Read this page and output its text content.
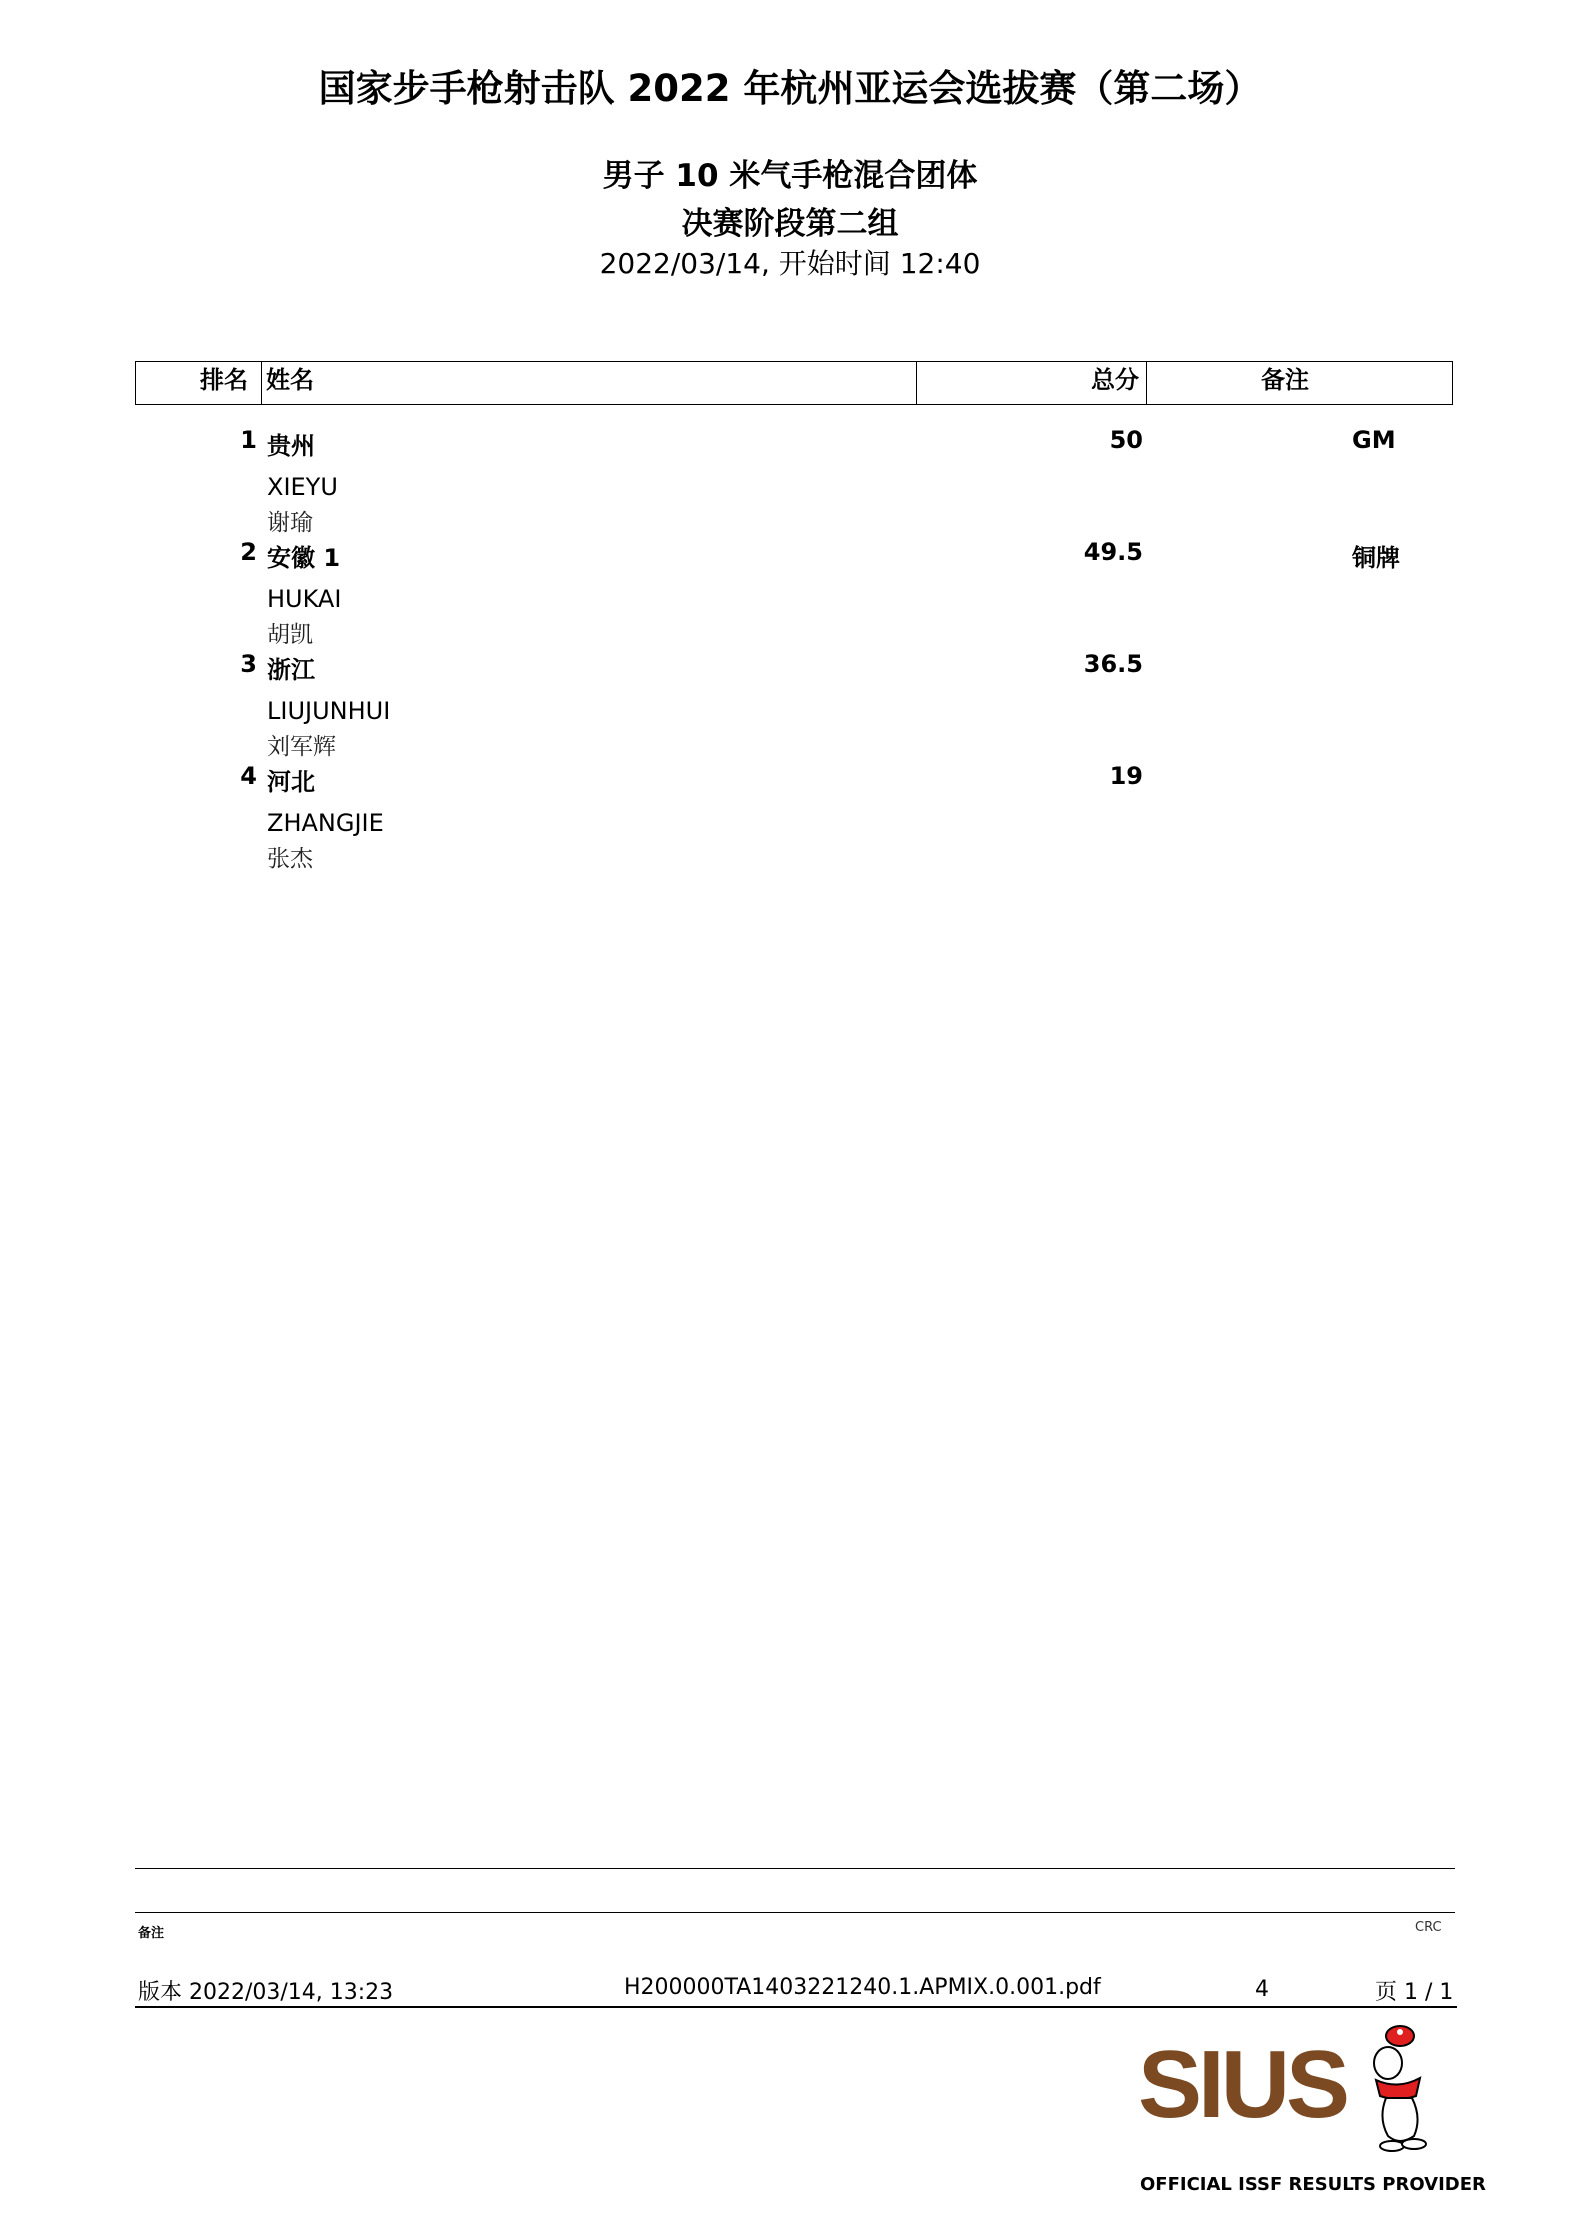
国家步手枪射击队 2022 年杭州亚运会选拔赛（第二场）
男子 10 米气手枪混合团体
决赛阶段第二组
2022/03/14, 开始时间 12:40
排名 姓名	总分	备注
1 贵州	50	GM
XIEYU
谢瑜
2 安徽 1	49.5	铜牌
HUKAI
胡凯
3 浙江	36.5
LIUJUNHUI
刘军辉
4 河北	19
ZHANGJIE
张杰
备注	CRC
版本 2022/03/14, 13:23	H200000TA1403221240.1.APMIX.0.001.pdf	4	页 1 / 1
SIUS
OFFICIAL ISSF RESULTS PROVIDER
